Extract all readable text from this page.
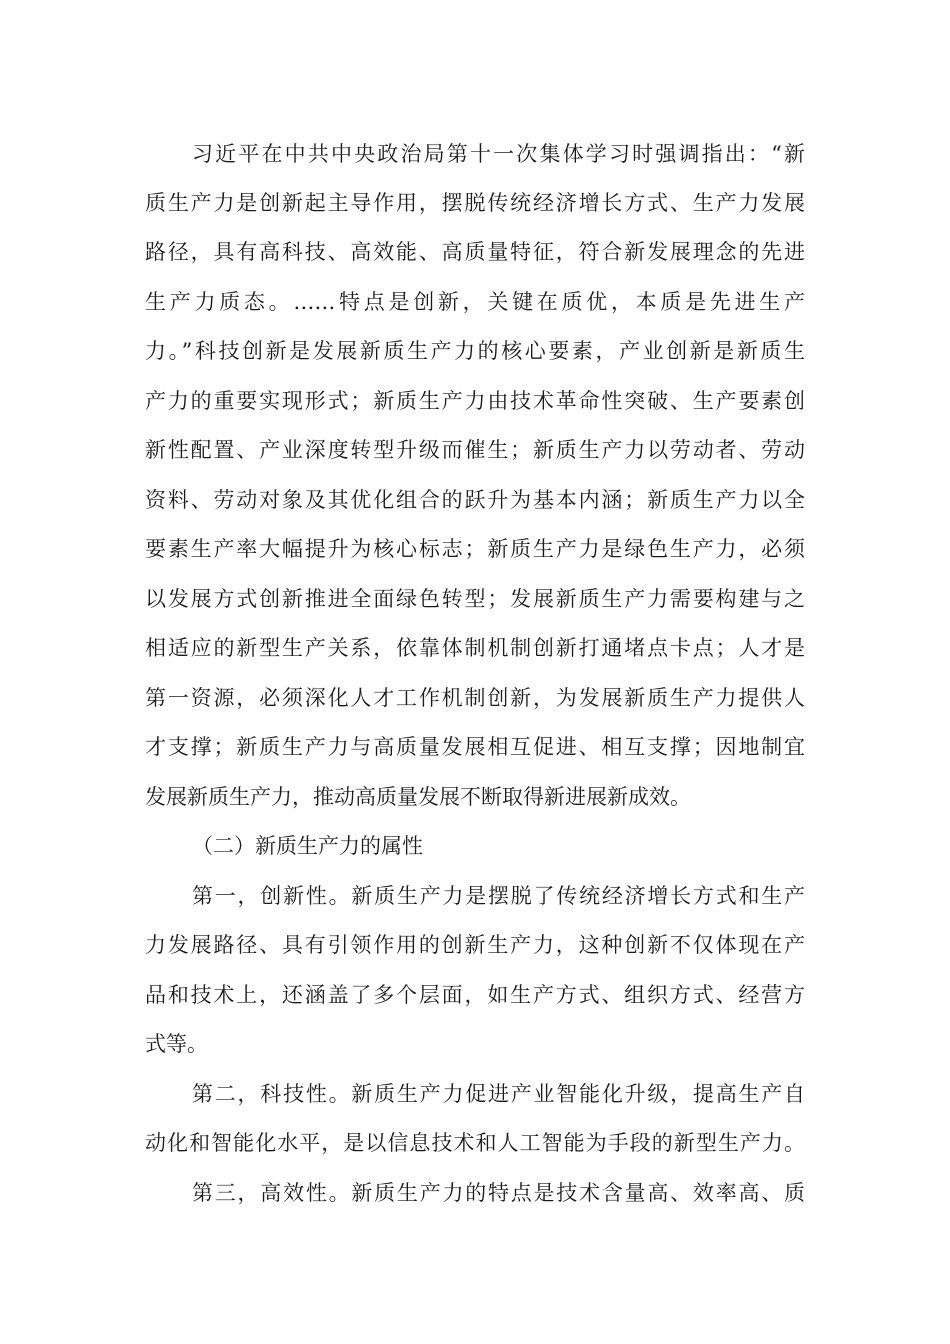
习近平在中共中央政治局第十一次集体学习时强调指出：“新
质生产力是创新起主导作用，摆脱传统经济增长方式、生产力发展
路径，具有高科技、高效能、高质量特征，符合新发展理念的先进
生产力质态。……特点是创新，关键在质优，本质是先进生产
力。”科技创新是发展新质生产力的核心要素，产业创新是新质生
产力的重要实现形式；新质生产力由技术革命性突破、生产要素创
新性配置、产业深度转型升级而催生；新质生产力以劳动者、劳动
资料、劳动对象及其优化组合的跃升为基本内涵；新质生产力以全
要素生产率大幅提升为核心标志；新质生产力是绿色生产力，必须
以发展方式创新推进全面绿色转型；发展新质生产力需要构建与之
相适应的新型生产关系，依靠体制机制创新打通堵点卡点；人才是
第一资源，必须深化人才工作机制创新，为发展新质生产力提供人
才支撑；新质生产力与高质量发展相互促进、相互支撑；因地制宜
发展新质生产力，推动高质量发展不断取得新进展新成效。
（二）新质生产力的属性
第一，创新性。新质生产力是摆脱了传统经济增长方式和生产
力发展路径、具有引领作用的创新生产力，这种创新不仅体现在产
品和技术上，还涵盖了多个层面，如生产方式、组织方式、经营方
式等。
第二，科技性。新质生产力促进产业智能化升级，提高生产自
动化和智能化水平，是以信息技术和人工智能为手段的新型生产力。
第三，高效性。新质生产力的特点是技术含量高、效率高、质
